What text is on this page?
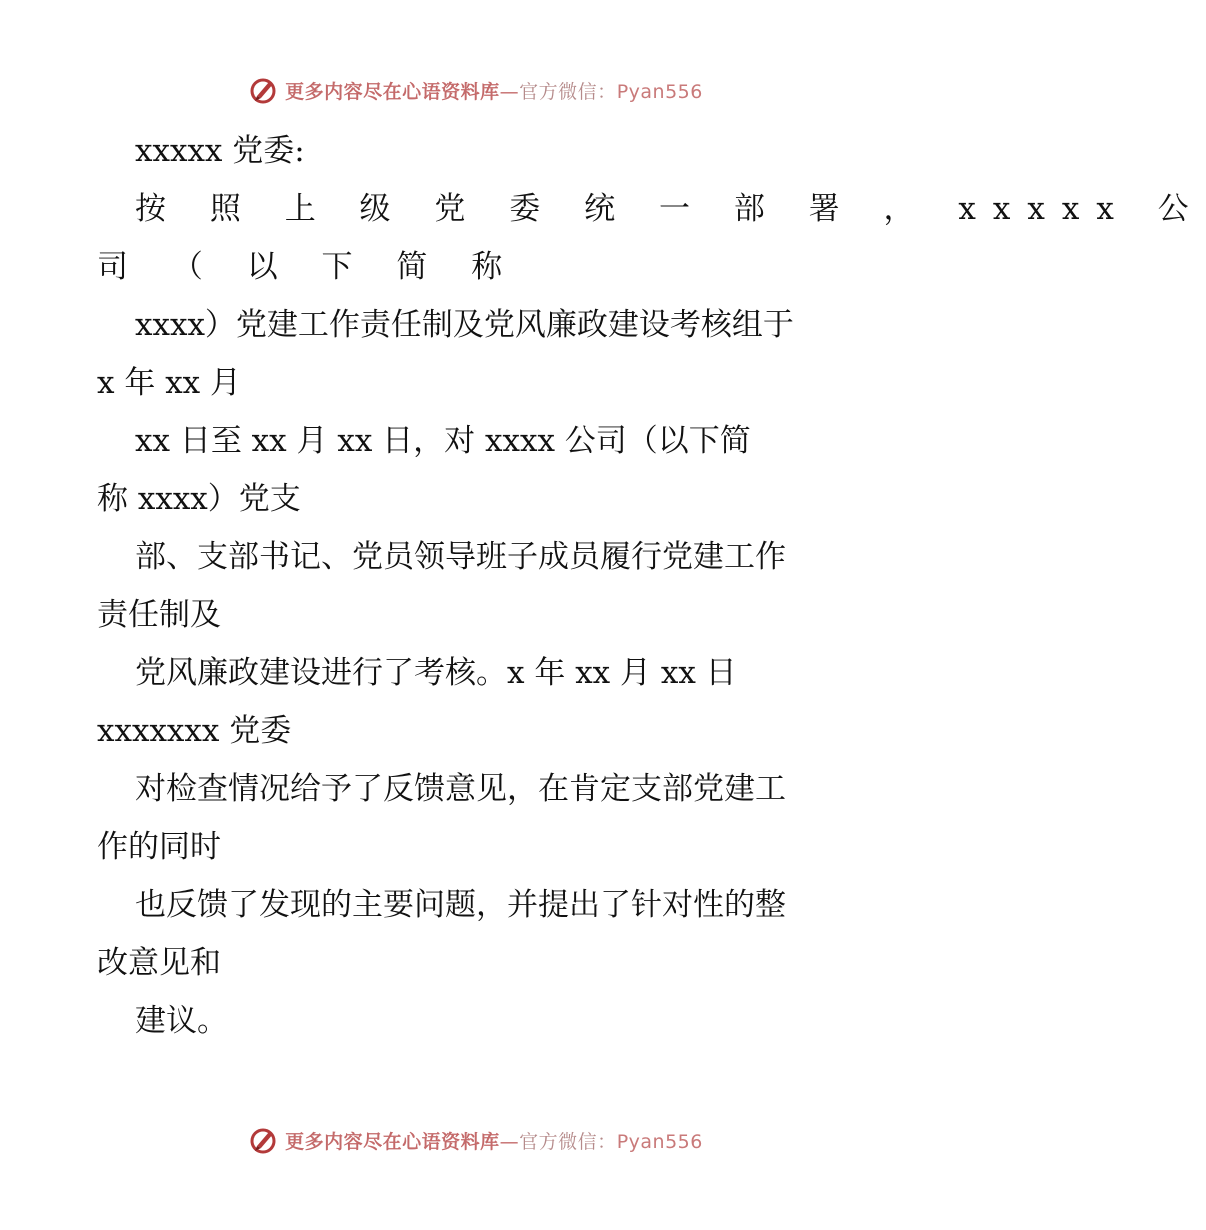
更多内容尽在心语资料库—官方微信：Pyan556
xxxxx 党委:
按 照 上 级 党 委 统 一 部 署 ， xxxxx 公
司 （ 以 下 简 称
xxxx）党建工作责任制及党风廉政建设考核组于
x 年 xx 月
xx 日至 xx 月 xx 日，对 xxxx 公司（以下简
称 xxxx）党支
部、支部书记、党员领导班子成员履行党建工作
责任制及
党风廉政建设进行了考核。x 年 xx 月 xx 日
xxxxxxx 党委
对检查情况给予了反馈意见，在肯定支部党建工
作的同时
也反馈了发现的主要问题，并提出了针对性的整
改意见和
建议。
更多内容尽在心语资料库—官方微信：Pyan556
